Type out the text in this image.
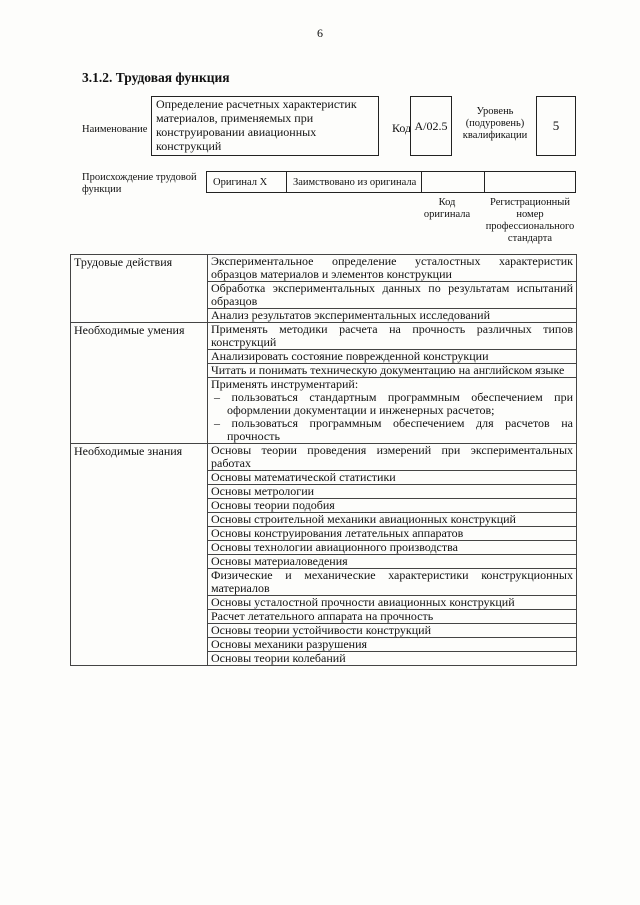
6
3.1.2. Трудовая функция
Наименование
Определение расчетных характеристик материалов, применяемых при конструировании авиационных конструкций
Код А/02.5
Уровень (подуровень) квалификации
5
Происхождение трудовой функции
Оригинал Х	Заимствовано из оригинала
Код оригинала
Регистрационный номер профессионального стандарта
Трудовые действия	Экспериментальное определение усталостных характеристик образцов материалов и элементов конструкции
	Обработка экспериментальных данных по результатам испытаний образцов
	Анализ результатов экспериментальных исследований
Необходимые умения	Применять методики расчета на прочность различных типов конструкций
	Анализировать состояние поврежденной конструкции
	Читать и понимать техническую документацию на английском языке

	Применять инструментарий:
– пользоваться стандартным программным обеспечением при оформлении документации и инженерных расчетов;
– пользоваться программным обеспечением для расчетов на прочность

Необходимые знания	Основы теории проведения измерений при экспериментальных работах
	Основы математической статистики
	Основы метрологии
	Основы теории подобия
	Основы строительной механики авиационных конструкций
	Основы конструирования летательных аппаратов
	Основы технологии авиационного производства
	Основы материаловедения
	Физические и механические характеристики конструкционных материалов
	Основы усталостной прочности авиационных конструкций
	Расчет летательного аппарата на прочность
	Основы теории устойчивости конструкций
	Основы механики разрушения
	Основы теории колебаний
